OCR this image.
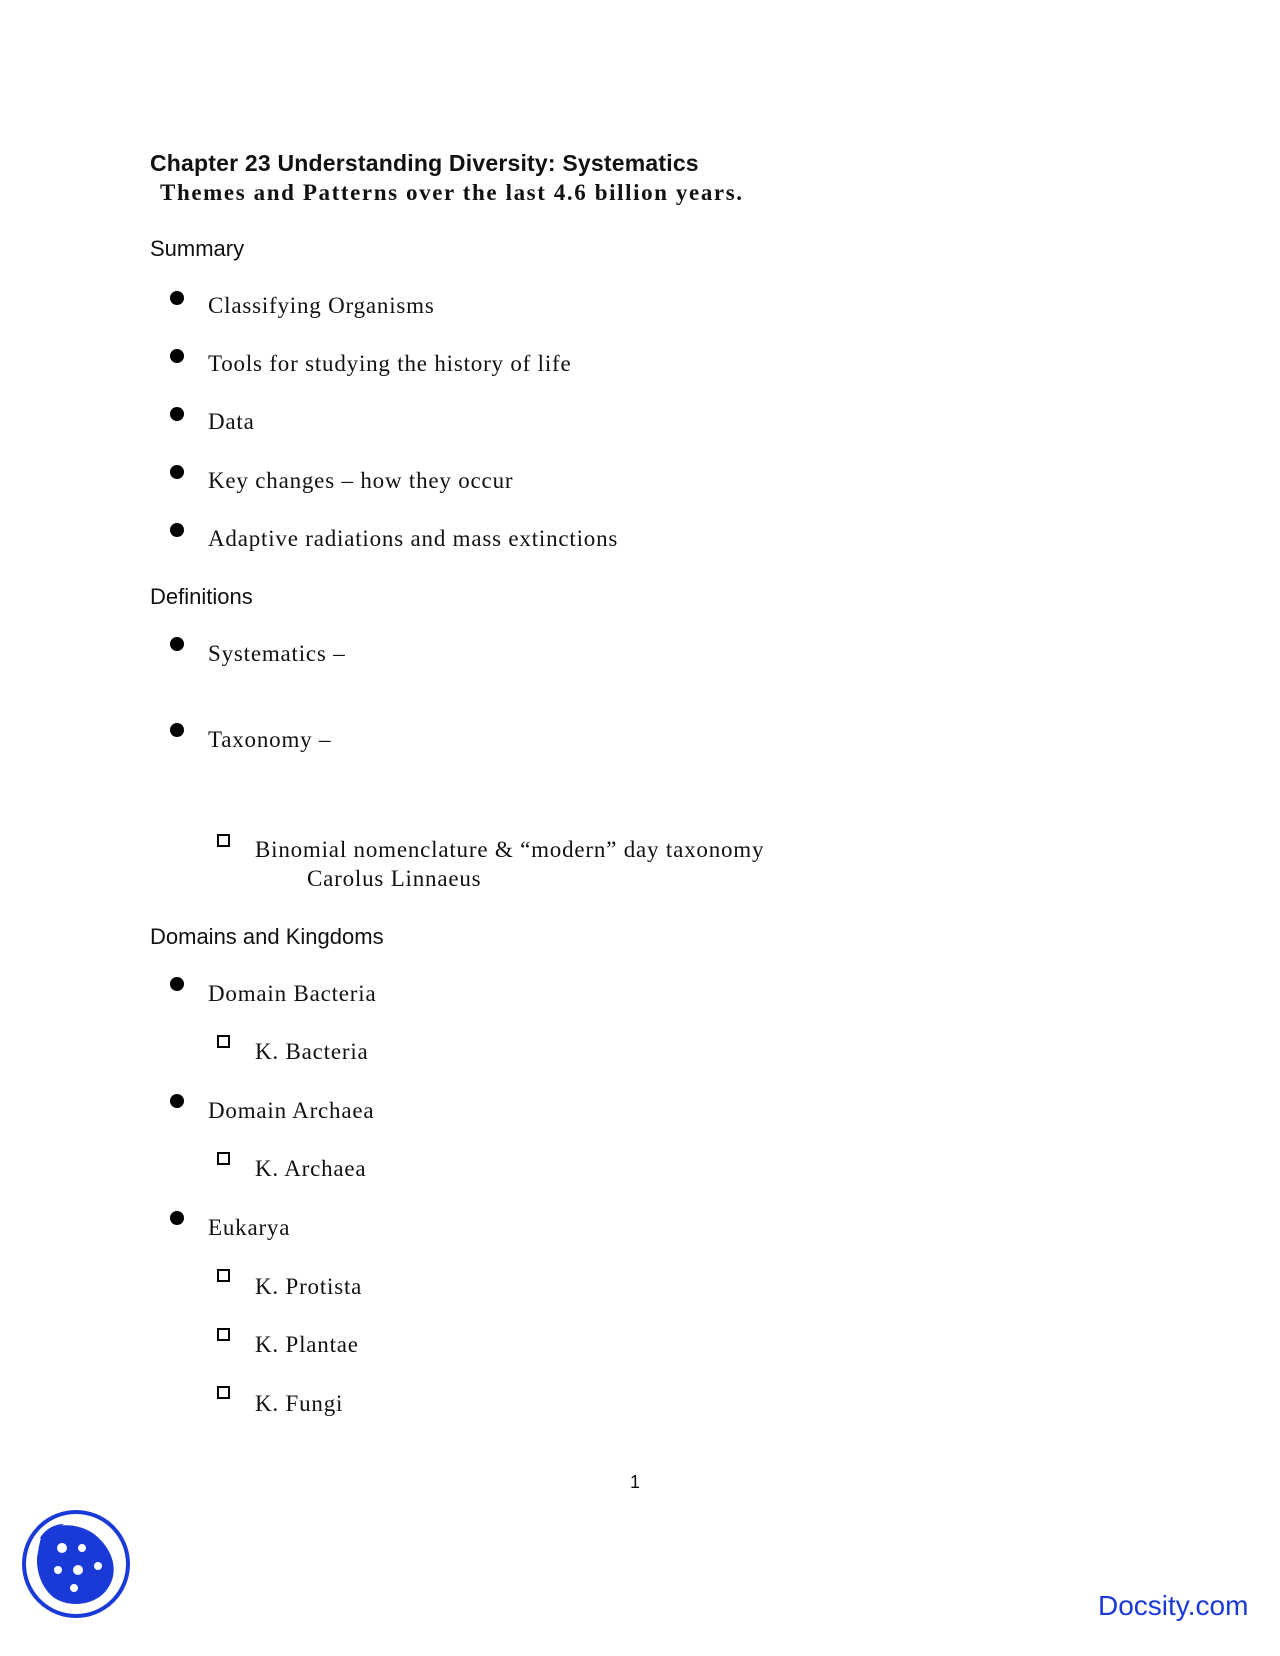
Chapter 23 Understanding Diversity: Systematics
Themes and Patterns over the last 4.6 billion years.
Summary
Classifying Organisms
Tools for studying the history of life
Data
Key changes – how they occur
Adaptive radiations and mass extinctions
Definitions
Systematics –
Taxonomy –
Binomial nomenclature & “modern” day taxonomy
Carolus Linnaeus
Domains and Kingdoms
Domain Bacteria
K. Bacteria
Domain Archaea
K. Archaea
Eukarya
K. Protista
K. Plantae
K. Fungi
1
Docsity.com
